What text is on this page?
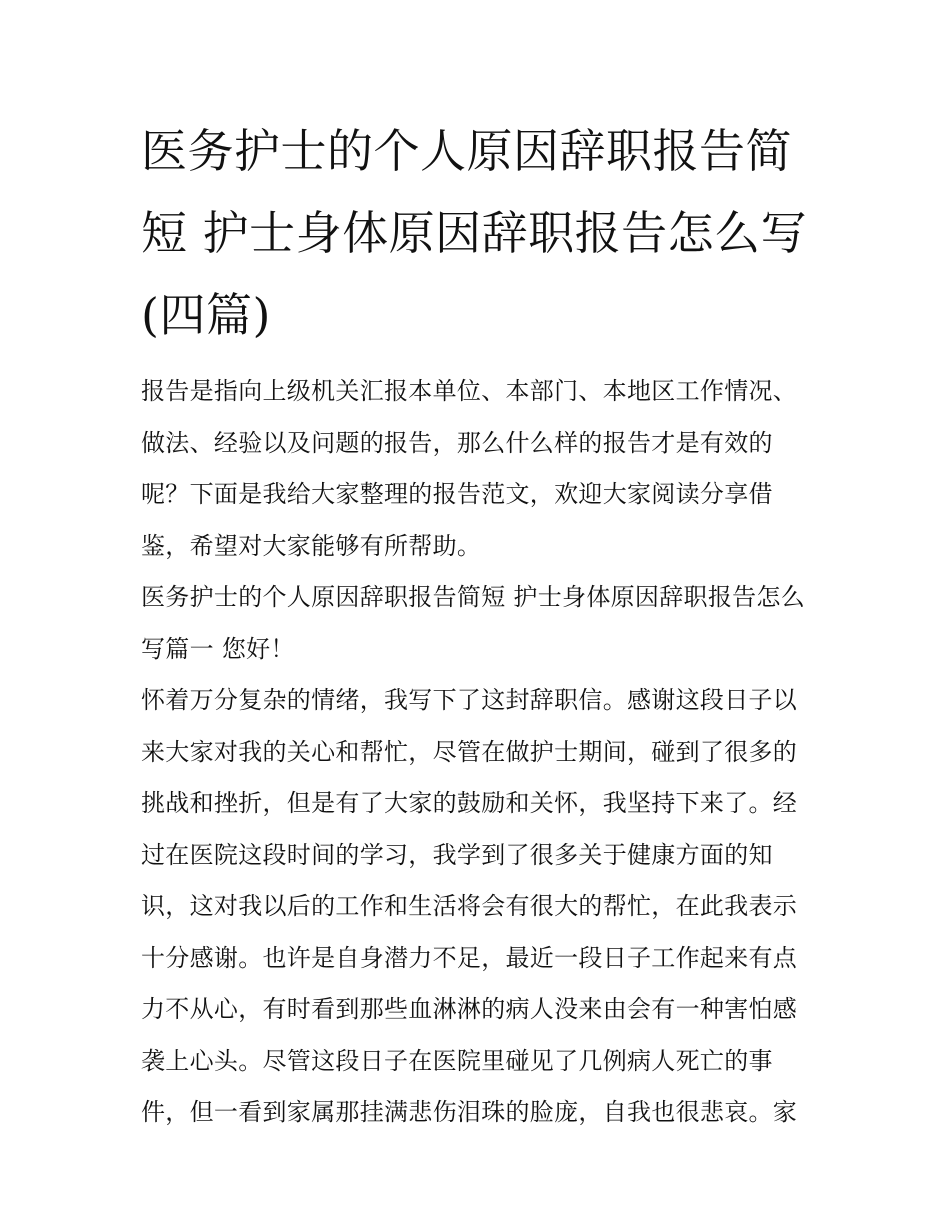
医务护士的个人原因辞职报告简短 护士身体原因辞职报告怎么写(四篇)

报告是指向上级机关汇报本单位、本部门、本地区工作情况、做法、经验以及问题的报告，那么什么样的报告才是有效的呢？下面是我给大家整理的报告范文，欢迎大家阅读分享借鉴，希望对大家能够有所帮助。

医务护士的个人原因辞职报告简短 护士身体原因辞职报告怎么写篇一 您好！

怀着万分复杂的情绪，我写下了这封辞职信。感谢这段日子以来大家对我的关心和帮忙，尽管在做护士期间，碰到了很多的挑战和挫折，但是有了大家的鼓励和关怀，我坚持下来了。经过在医院这段时间的学习，我学到了很多关于健康方面的知识，这对我以后的工作和生活将会有很大的帮忙，在此我表示十分感谢。也许是自身潜力不足，最近一段日子工作起来有点力不从心，有时看到那些血淋淋的病人没来由会有一种害怕感袭上心头。尽管这段日子在医院里碰见了几例病人死亡的事件，但一看到家属那挂满悲伤泪珠的脸庞，自我也很悲哀。家
